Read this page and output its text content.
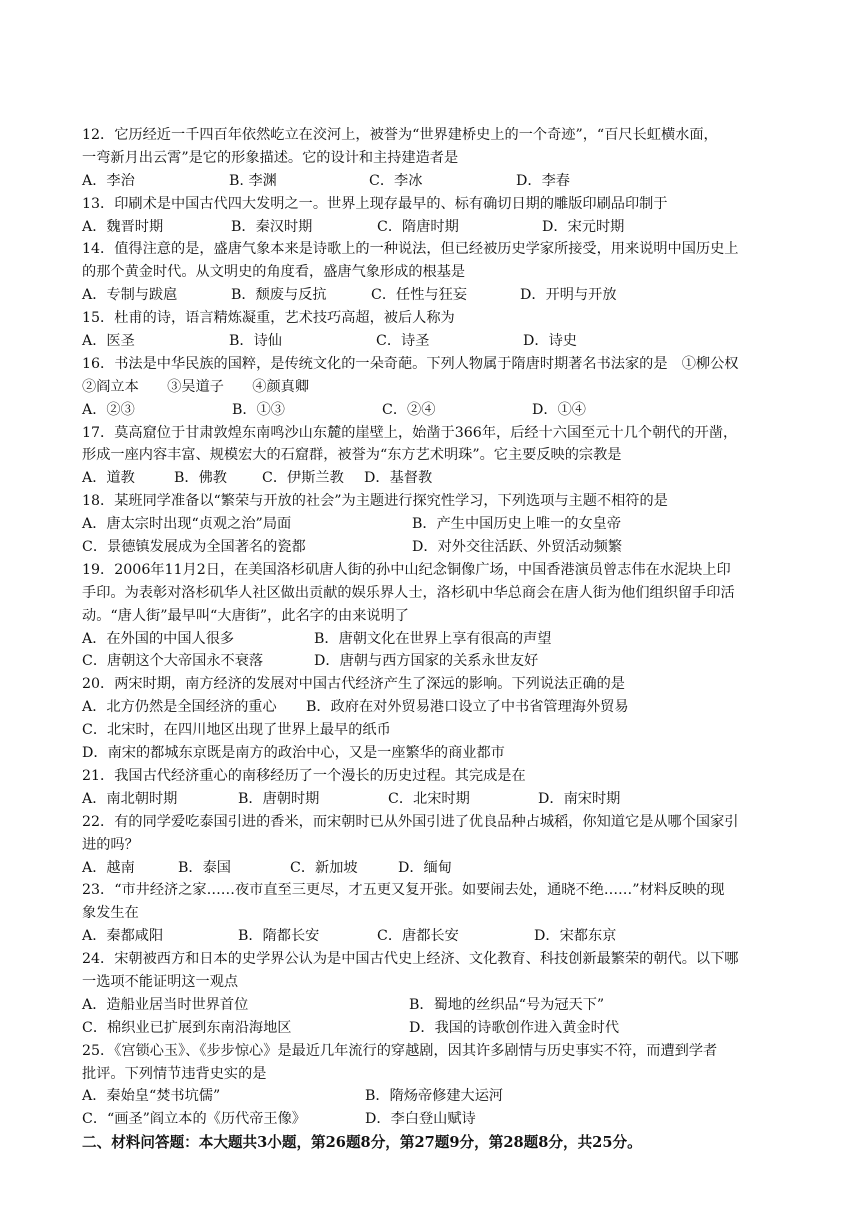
12．它历经近一千四百年依然屹立在洨河上，被誉为“世界建桥史上的一个奇迹”，“百尺长虹横水面，
一弯新月出云霄”是它的形象描述。它的设计和主持建造者是
A．李治	B. 李渊	C．李冰	D．李春
13．印刷术是中国古代四大发明之一。世界上现存最早的、标有确切日期的雕版印刷品印制于
A．魏晋时期	B．秦汉时期	C．隋唐时期	D．宋元时期
14．值得注意的是，盛唐气象本来是诗歌上的一种说法，但已经被历史学家所接受，用来说明中国历史上
的那个黄金时代。从文明史的角度看，盛唐气象形成的根基是
A．专制与跋扈	B．颓废与反抗	C．任性与狂妄	D．开明与开放
15．杜甫的诗，语言精炼凝重，艺术技巧高超，被后人称为
A．医圣	B．诗仙	C．诗圣	D．诗史
16．书法是中华民族的国粹，是传统文化的一朵奇葩。下列人物属于隋唐时期著名书法家的是　①柳公权
②阎立本　　③吴道子　　④颜真卿
A．②③	B．①③	C．②④	D．①④
17．莫高窟位于甘肃敦煌东南鸣沙山东麓的崖壁上，始凿于366年，后经十六国至元十几个朝代的开凿，
形成一座内容丰富、规模宏大的石窟群，被誉为“东方艺术明珠”。它主要反映的宗教是
A．道教	B．佛教	C．伊斯兰教	D．基督教
18．某班同学准备以“繁荣与开放的社会”为主题进行探究性学习，下列选项与主题不相符的是
A．唐太宗时出现“贞观之治”局面	B．产生中国历史上唯一的女皇帝
C．景德镇发展成为全国著名的瓷都	D．对外交往活跃、外贸活动频繁
19．2006年11月2日，在美国洛杉矶唐人街的孙中山纪念铜像广场，中国香港演员曾志伟在水泥块上印
手印。为表彰对洛杉矶华人社区做出贡献的娱乐界人士，洛杉矶中华总商会在唐人街为他们组织留手印活
动。“唐人街”最早叫“大唐街”，此名字的由来说明了
A．在外国的中国人很多	B．唐朝文化在世界上享有很高的声望
C．唐朝这个大帝国永不衰落	D．唐朝与西方国家的关系永世友好
20．两宋时期，南方经济的发展对中国古代经济产生了深远的影响。下列说法正确的是
A．北方仍然是全国经济的重心	B．政府在对外贸易港口设立了中书省管理海外贸易
C．北宋时，在四川地区出现了世界上最早的纸币
D．南宋的都城东京既是南方的政治中心，又是一座繁华的商业都市
21．我国古代经济重心的南移经历了一个漫长的历史过程。其完成是在
A．南北朝时期	B．唐朝时期	C．北宋时期	D．南宋时期
22．有的同学爱吃泰国引进的香米，而宋朝时已从外国引进了优良品种占城稻，你知道它是从哪个国家引
进的吗？
A．越南	B．泰国	C．新加坡	D．缅甸
23．“市井经济之家……夜市直至三更尽，才五更又复开张。如要闹去处，通晓不绝……”材料反映的现
象发生在
A．秦都咸阳	B．隋都长安	C．唐都长安	D．宋都东京
24．宋朝被西方和日本的史学界公认为是中国古代史上经济、文化教育、科技创新最繁荣的朝代。以下哪
一选项不能证明这一观点
A．造船业居当时世界首位	B．蜀地的丝织品“号为冠天下”
C．棉织业已扩展到东南沿海地区	D．我国的诗歌创作进入黄金时代
25．《宫锁心玉》、《步步惊心》是最近几年流行的穿越剧，因其许多剧情与历史事实不符，而遭到学者
批评。下列情节违背史实的是
A．秦始皇“焚书坑儒”	B．隋炀帝修建大运河
C．“画圣”阎立本的《历代帝王像》	D．李白登山赋诗
二、材料问答题：本大题共3小题，第26题8分，第27题9分，第28题8分，共25分。
